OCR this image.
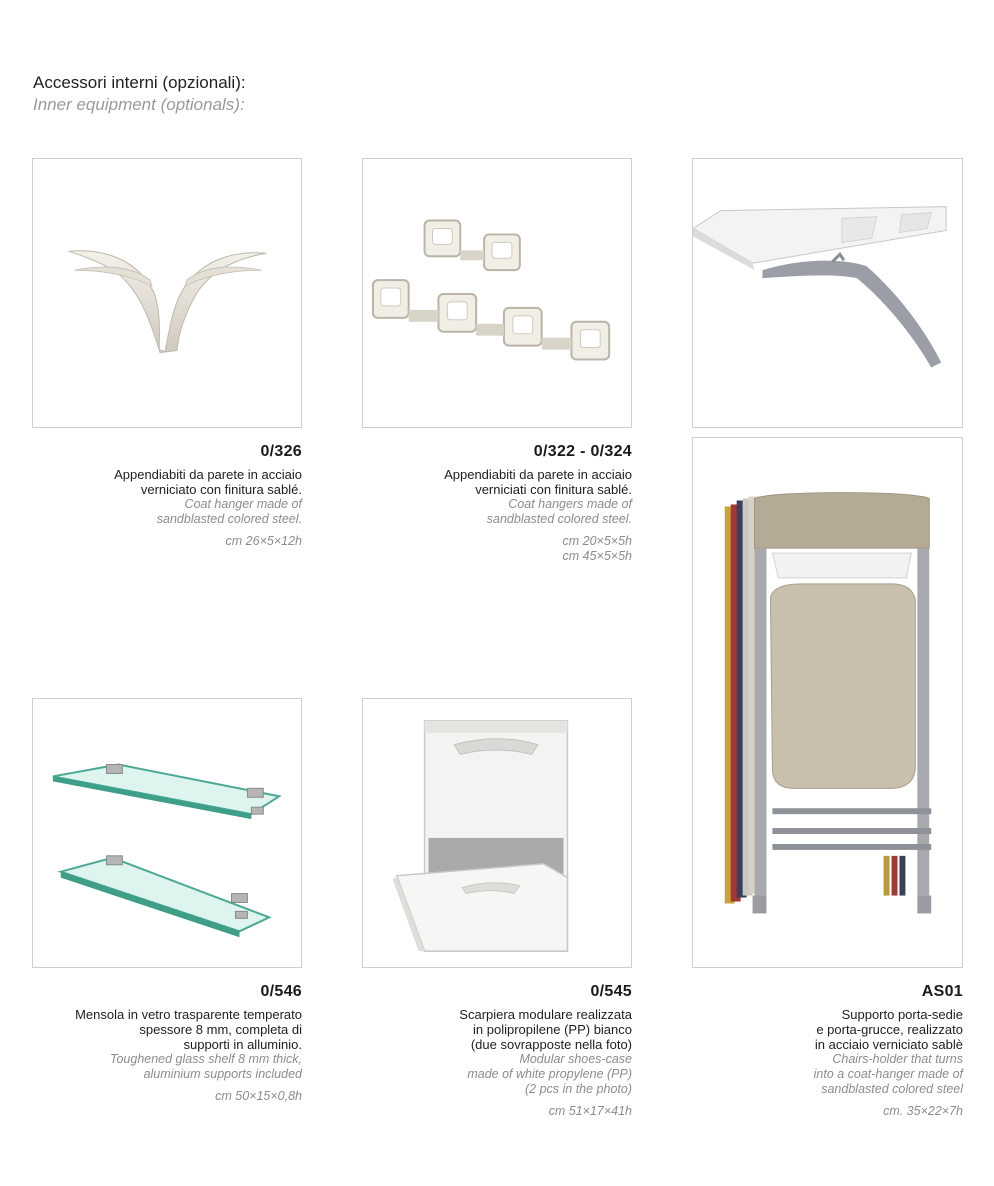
Accessori interni (opzionali):
Inner equipment (optionals):
0/326
Appendiabiti da parete in acciaio
verniciato con finitura sablé.
Coat hanger made of
sandblasted colored steel.
cm 26×5×12h
0/322 - 0/324
Appendiabiti da parete in acciaio
verniciati con finitura sablé.
Coat hangers made of
sandblasted colored steel.
cm 20×5×5h
cm 45×5×5h
AS01
Supporto porta-sedie
e porta-grucce, realizzato
in acciaio verniciato sablè
Chairs-holder that turns
into a coat-hanger made of
sandblasted colored steel
cm. 35×22×7h
0/546
Mensola in vetro trasparente temperato
spessore 8 mm, completa di
supporti in alluminio.
Toughened glass shelf 8 mm thick,
aluminium supports included
cm 50×15×0,8h
0/545
Scarpiera modulare realizzata
in polipropilene (PP) bianco
(due sovrapposte nella foto)
Modular shoes-case
made of white propylene (PP)
(2 pcs in the photo)
cm 51×17×41h
